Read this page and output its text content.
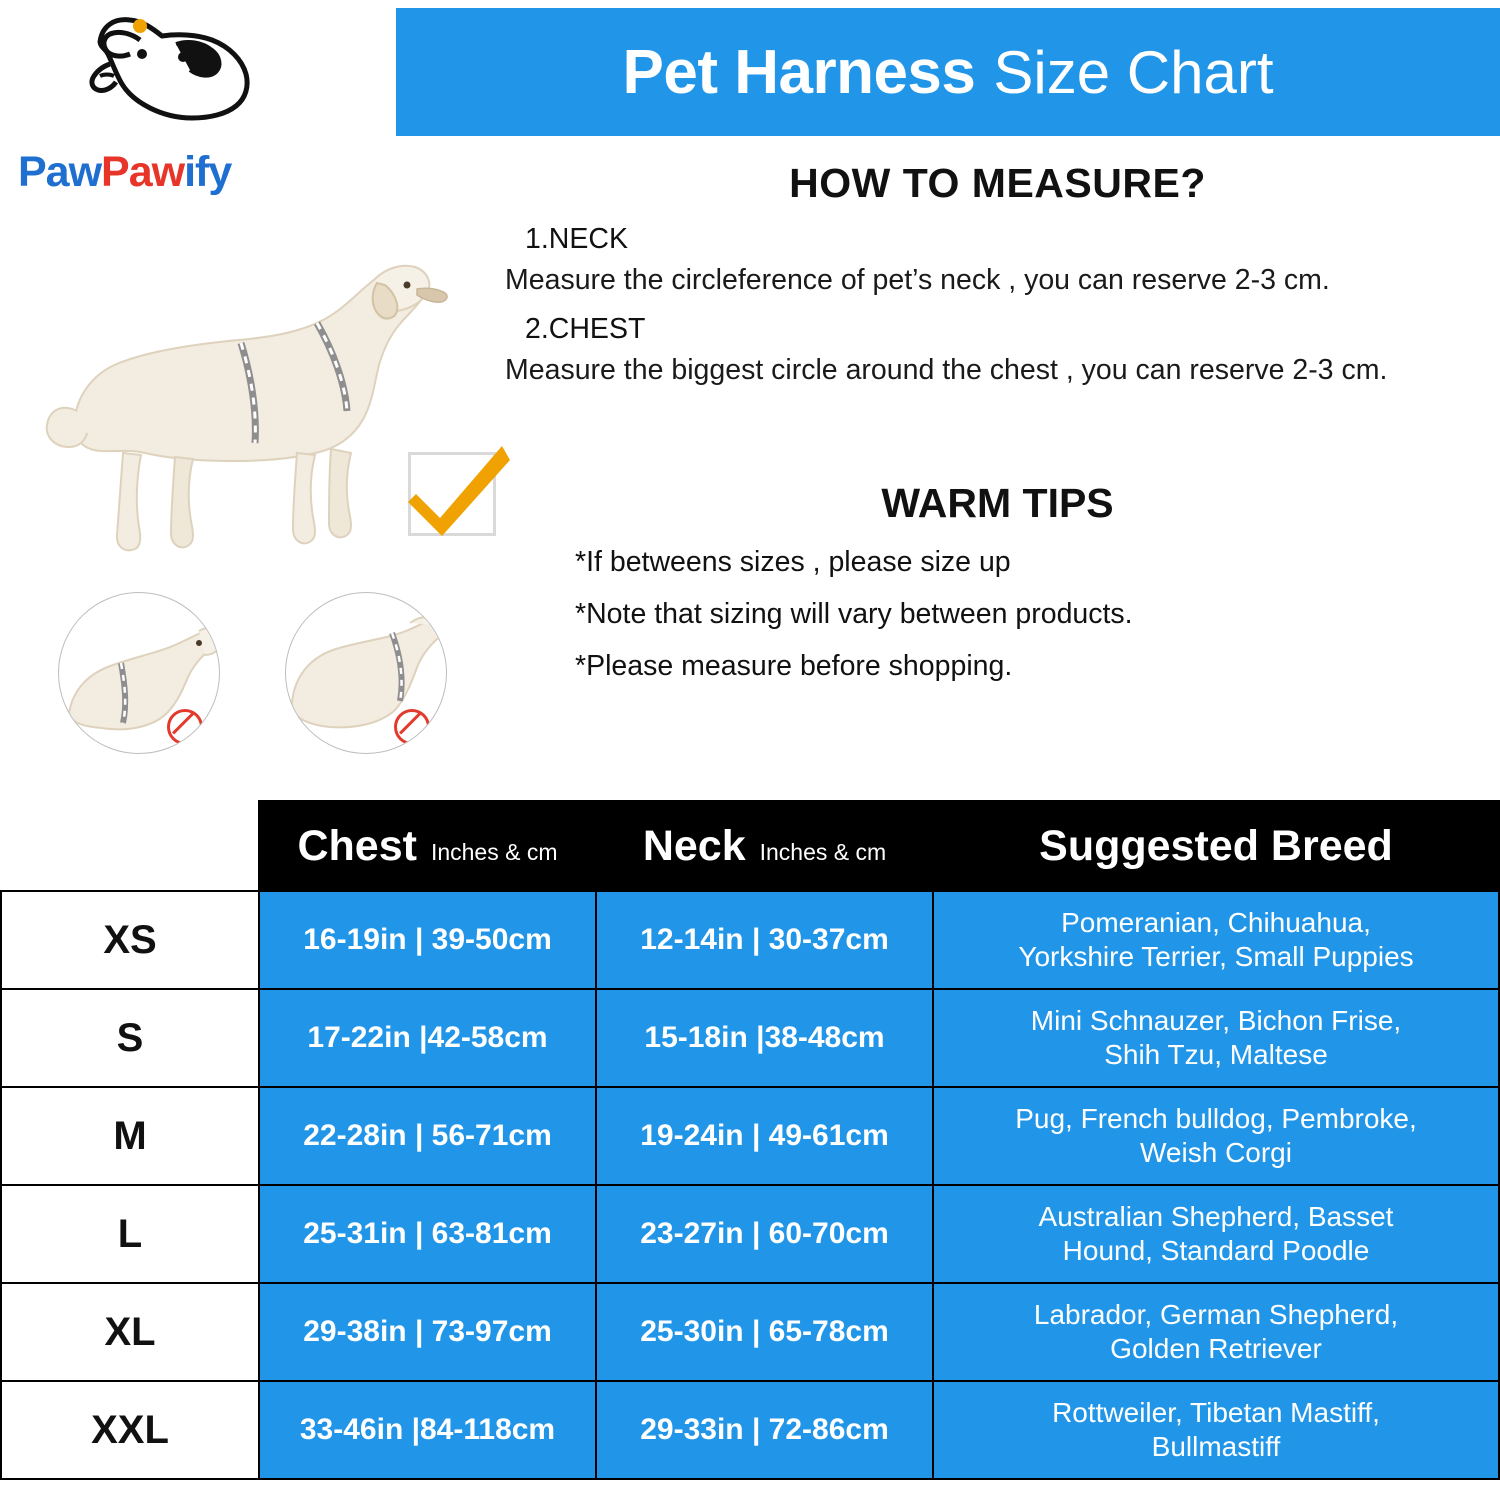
Pet Harness Size Chart
PawPawify	HOW TO MEASURE?
1.NECK
Measure the circleference of pet’s neck , you can reserve 2-3 cm.
2.CHEST
Measure the biggest circle around the chest , you can reserve 2-3 cm.
WARM TIPS
*If betweens sizes , please size up
*Note that sizing will vary between products.
*Please measure before shopping.

	Chest Inches & cm	Neck Inches & cm	Suggested Breed

XS	16-19in | 39-50cm	12-14in | 30-37cm	Pomeranian, Chihuahua,
Yorkshire Terrier, Small Puppies

S	17-22in |42-58cm	15-18in |38-48cm	Mini Schnauzer, Bichon Frise,
Shih Tzu, Maltese

M	22-28in | 56-71cm	19-24in | 49-61cm	Pug, French bulldog, Pembroke,
Weish Corgi

L	25-31in | 63-81cm	23-27in | 60-70cm	Australian Shepherd, Basset
Hound, Standard Poodle

XL	29-38in | 73-97cm	25-30in | 65-78cm	Labrador, German Shepherd,
Golden Retriever

XXL	33-46in |84-118cm	29-33in | 72-86cm	Rottweiler, Tibetan Mastiff,
Bullmastiff
